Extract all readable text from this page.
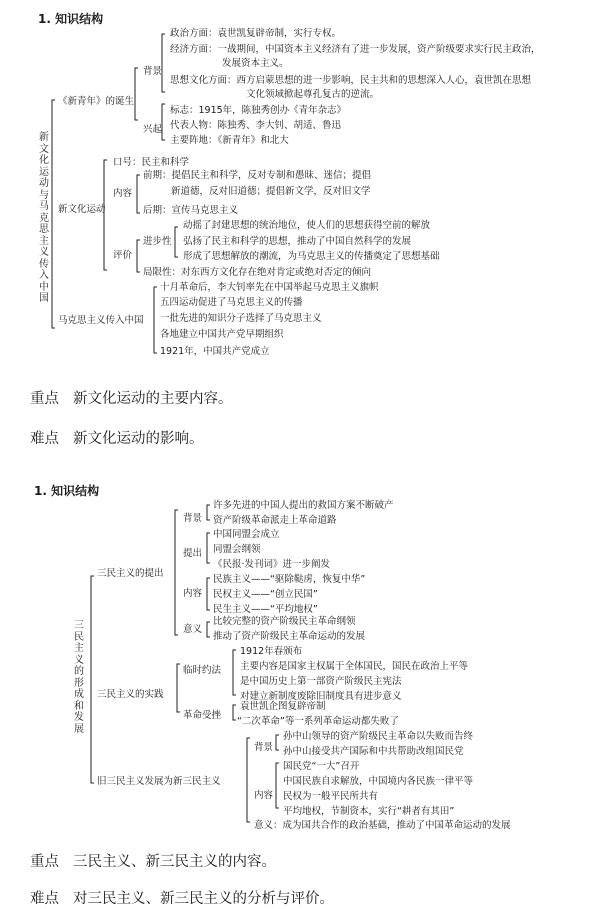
1. 知识结构
新文化运动与马克思主义传入中国
《新青年》的诞生
背景
政治方面：袁世凯复辟帝制，实行专权。
经济方面：一战期间，中国资本主义经济有了进一步发展，资产阶级要求实行民主政治，
发展资本主义。
思想文化方面：西方启蒙思想的进一步影响，民主共和的思想深入人心，袁世凯在思想
文化领域掀起尊孔复古的逆流。
兴起
标志：1915年，陈独秀创办《青年杂志》
代表人物：陈独秀、李大钊、胡适、鲁迅
主要阵地：《新青年》和北大
新文化运动
口号：民主和科学
内容
前期：提倡民主和科学，反对专制和愚昧、迷信；提倡
新道德，反对旧道德；提倡新文学，反对旧文学
后期：宣传马克思主义
评价
进步性
动摇了封建思想的统治地位，使人们的思想获得空前的解放
弘扬了民主和科学的思想，推动了中国自然科学的发展
形成了思想解放的潮流，为马克思主义的传播奠定了思想基础
局限性：对东西方文化存在绝对肯定或绝对否定的倾向
马克思主义传入中国
十月革命后，李大钊率先在中国举起马克思主义旗帜
五四运动促进了马克思主义的传播
一批先进的知识分子选择了马克思主义
各地建立中国共产党早期组织
1921年，中国共产党成立
重点 新文化运动的主要内容。
难点 新文化运动的影响。
1. 知识结构
三民主义的形成和发展
三民主义的提出
背景
许多先进的中国人提出的救国方案不断破产
资产阶级革命派走上革命道路
提出
中国同盟会成立
同盟会纲领
《民报·发刊词》进一步阐发
内容
民族主义——“驱除鞑虏，恢复中华”
民权主义——“创立民国”
民生主义——“平均地权”
意义
比较完整的资产阶级民主革命纲领
推动了资产阶级民主革命运动的发展
三民主义的实践
临时约法
1912年春颁布
主要内容是国家主权属于全体国民，国民在政治上平等
是中国历史上第一部资产阶级民主宪法
对建立新制度废除旧制度具有进步意义
革命受挫
袁世凯企图复辟帝制
“二次革命”等一系列革命运动都失败了
旧三民主义发展为新三民主义
背景
孙中山领导的资产阶级民主革命以失败而告终
孙中山接受共产国际和中共帮助改组国民党
内容
国民党“一大”召开
中国民族自求解放，中国境内各民族一律平等
民权为一般平民所共有
平均地权，节制资本，实行“耕者有其田”
意义：成为国共合作的政治基础，推动了中国革命运动的发展
重点 三民主义、新三民主义的内容。
难点 对三民主义、新三民主义的分析与评价。
